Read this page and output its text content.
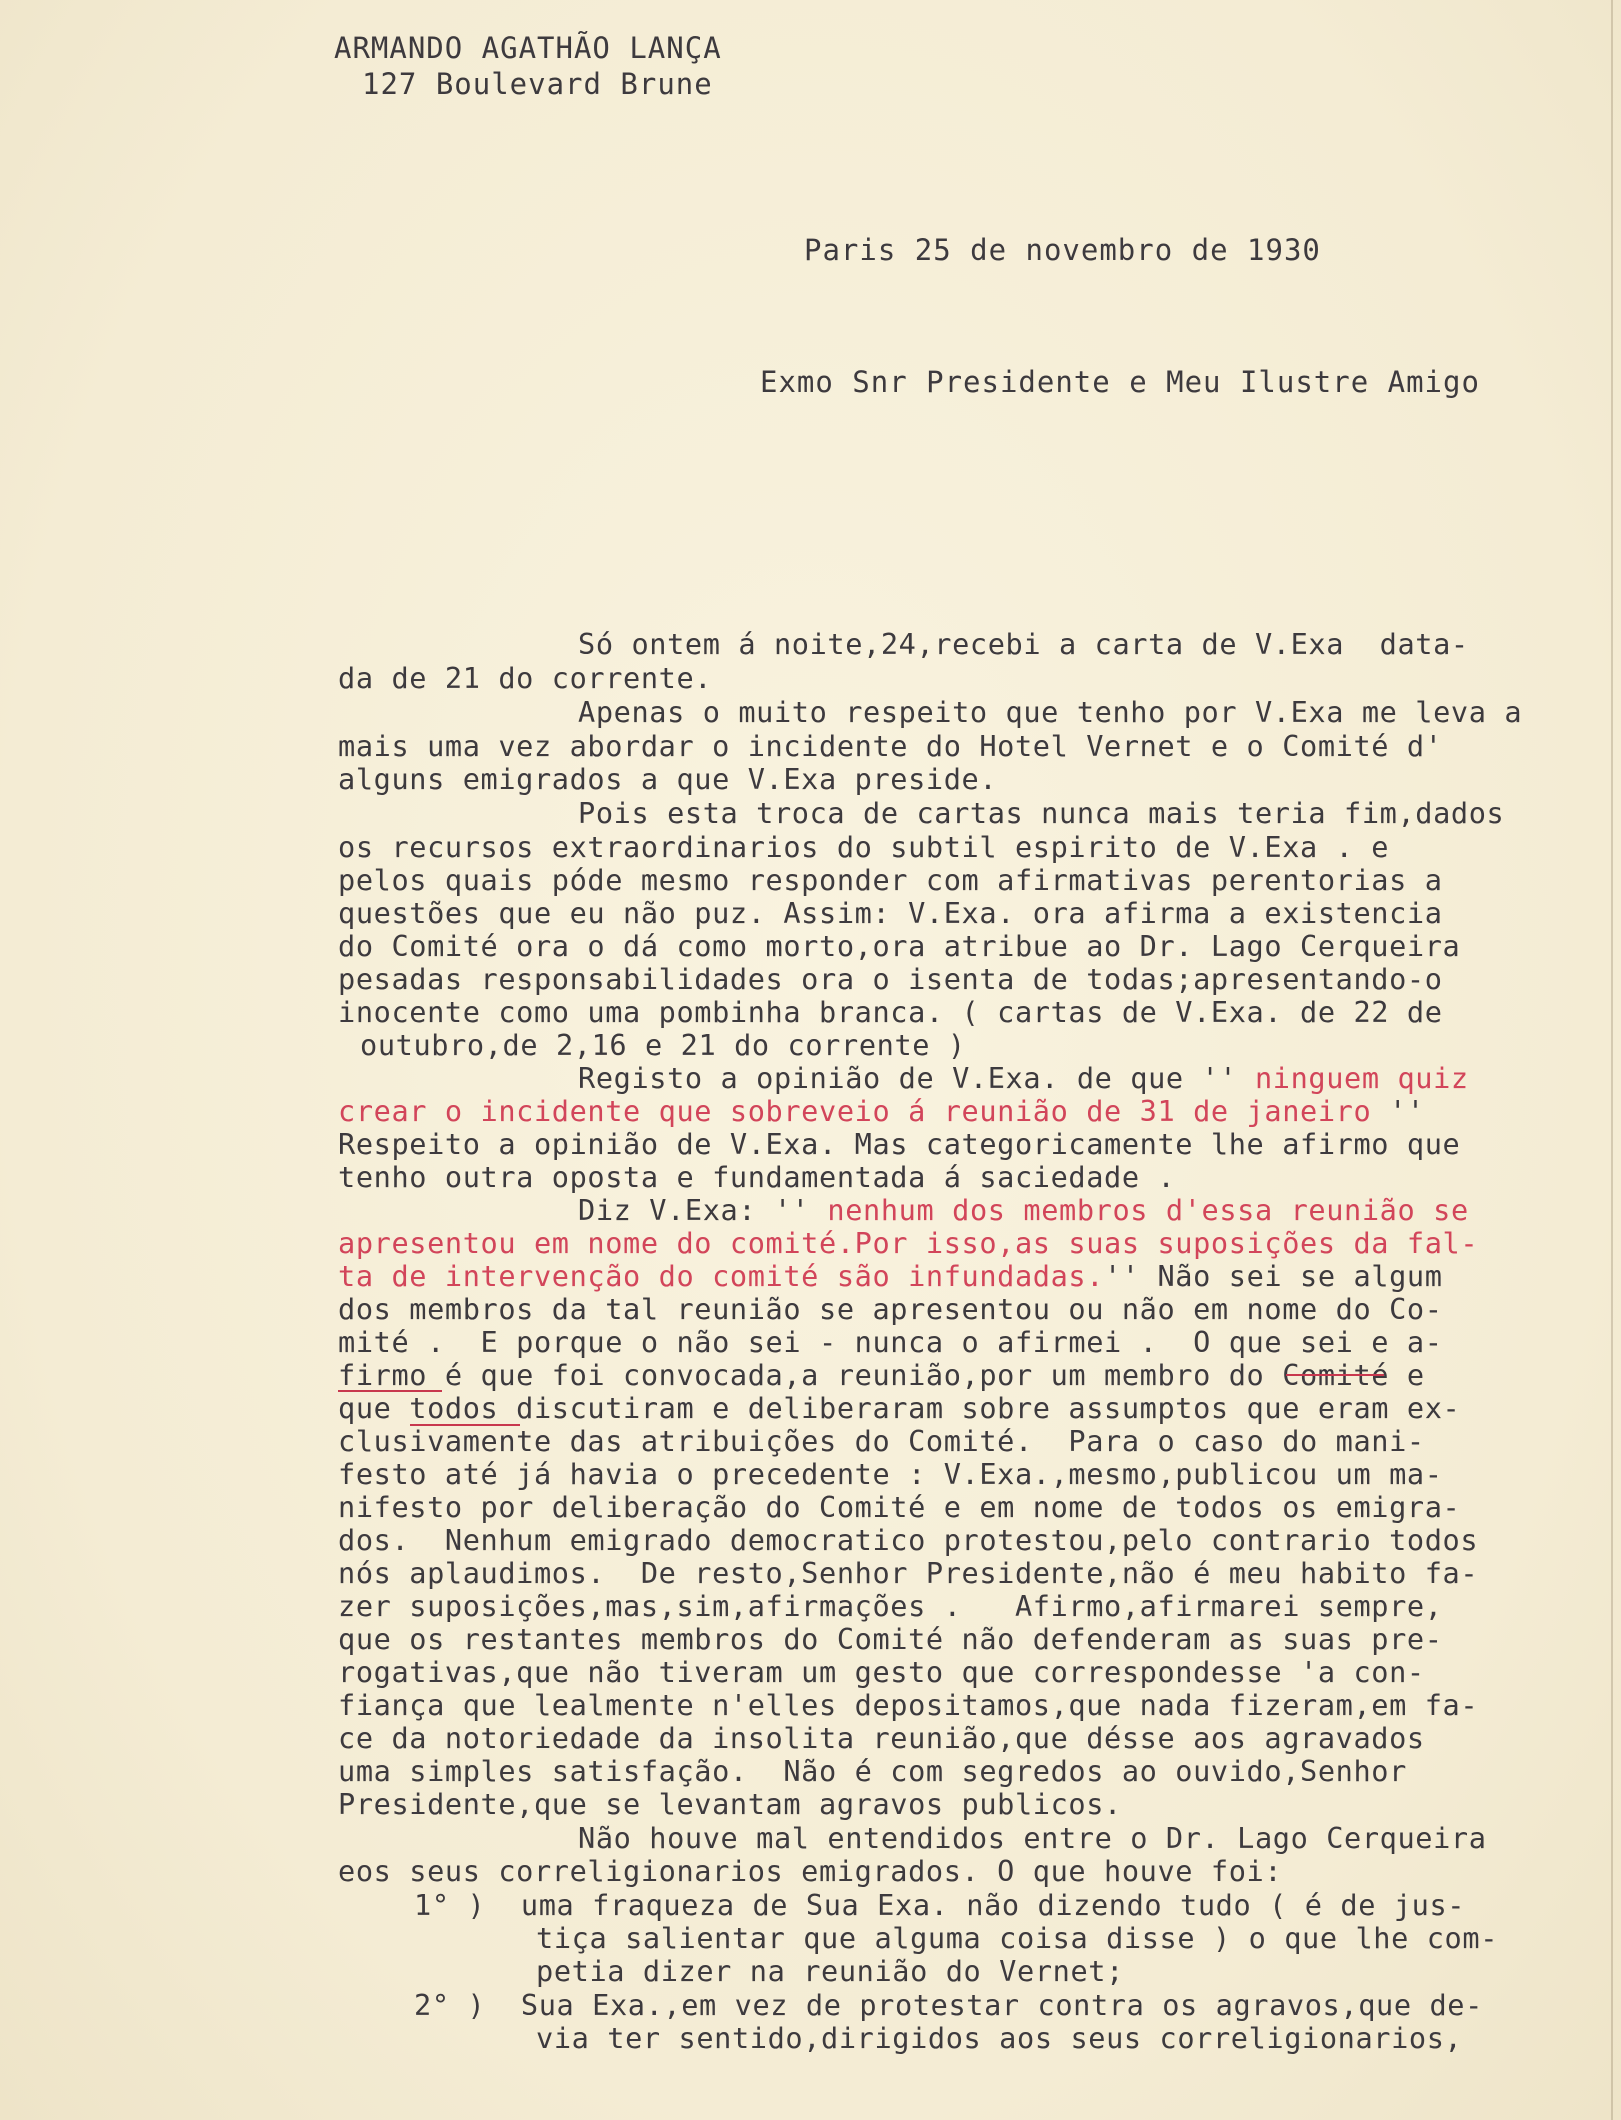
ARMANDO AGATHÃO LANÇA
127 Boulevard Brune
Paris 25 de novembro de 1930
Exmo Snr Presidente e Meu Ilustre Amigo
Só ontem á noite,24,recebi a carta de V.Exa  data-
da de 21 do corrente.
Apenas o muito respeito que tenho por V.Exa me leva a
mais uma vez abordar o incidente do Hotel Vernet e o Comité d'
alguns emigrados a que V.Exa preside.
Pois esta troca de cartas nunca mais teria fim,dados
os recursos extraordinarios do subtil espirito de V.Exa . e
pelos quais póde mesmo responder com afirmativas perentorias a
questões que eu não puz. Assim: V.Exa. ora afirma a existencia
do Comité ora o dá como morto,ora atribue ao Dr. Lago Cerqueira
pesadas responsabilidades ora o isenta de todas;apresentando-o
inocente como uma pombinha branca. ( cartas de V.Exa. de 22 de
outubro,de 2,16 e 21 do corrente )
Registo a opinião de V.Exa. de que '' ninguem quiz
crear o incidente que sobreveio á reunião de 31 de janeiro ''
Respeito a opinião de V.Exa. Mas categoricamente lhe afirmo que
tenho outra oposta e fundamentada á saciedade .
Diz V.Exa: '' nenhum dos membros d'essa reunião se
apresentou em nome do comité.Por isso,as suas suposições da fal-
ta de intervenção do comité são infundadas.'' Não sei se algum
dos membros da tal reunião se apresentou ou não em nome do Co-
mité .  E porque o não sei - nunca o afirmei .  O que sei e a-
firmo é que foi convocada,a reunião,por um membro do Comité e
que todos discutiram e deliberaram sobre assumptos que eram ex-
clusivamente das atribuições do Comité.  Para o caso do mani-
festo até já havia o precedente : V.Exa.,mesmo,publicou um ma-
nifesto por deliberação do Comité e em nome de todos os emigra-
dos.  Nenhum emigrado democratico protestou,pelo contrario todos
nós aplaudimos.  De resto,Senhor Presidente,não é meu habito fa-
zer suposições,mas,sim,afirmações .   Afirmo,afirmarei sempre,
que os restantes membros do Comité não defenderam as suas pre-
rogativas,que não tiveram um gesto que correspondesse 'a con-
fiança que lealmente n'elles depositamos,que nada fizeram,em fa-
ce da notoriedade da insolita reunião,que désse aos agravados
uma simples satisfação.  Não é com segredos ao ouvido,Senhor
Presidente,que se levantam agravos publicos.
Não houve mal entendidos entre o Dr. Lago Cerqueira
eos seus correligionarios emigrados. O que houve foi:
1° )  uma fraqueza de Sua Exa. não dizendo tudo ( é de jus-
tiça salientar que alguma coisa disse ) o que lhe com-
petia dizer na reunião do Vernet;
2° )  Sua Exa.,em vez de protestar contra os agravos,que de-
via ter sentido,dirigidos aos seus correligionarios,
